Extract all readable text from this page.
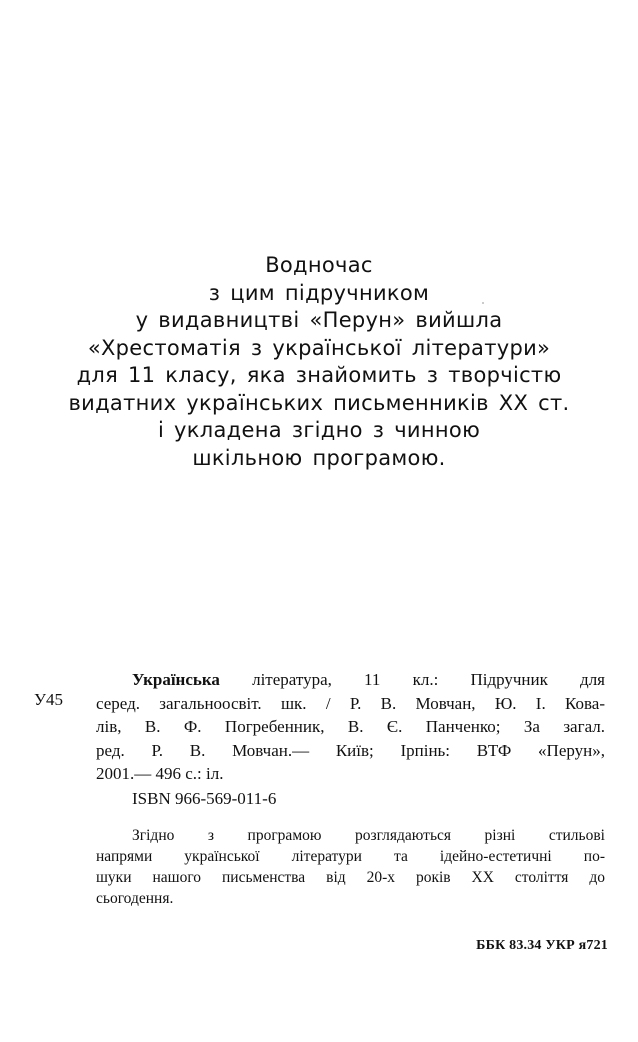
Водночас
з цим підручником
у видавництві «Перун» вийшла
«Хрестоматія з української літератури»
для 11 класу, яка знайомить з творчістю
видатних українських письменників XX ст.
і укладена згідно з чинною
шкільною програмою.
У45
Українська література, 11 кл.: Підручник для
серед. загальноосвіт. шк. / Р. В. Мовчан, Ю. І. Кова-
лів, В. Ф. Погребенник, В. Є. Панченко; За загал.
ред. Р. В. Мовчан.— Київ; Ірпінь: ВТФ «Перун»,
2001.— 496 с.: іл.
ISBN 966-569-011-6
Згідно з програмою розглядаються різні стильові
напрями української літератури та ідейно-естетичні по-
шуки нашого письменства від 20-х років XX століття до
сьогодення.
ББК 83.34 УКР я721
